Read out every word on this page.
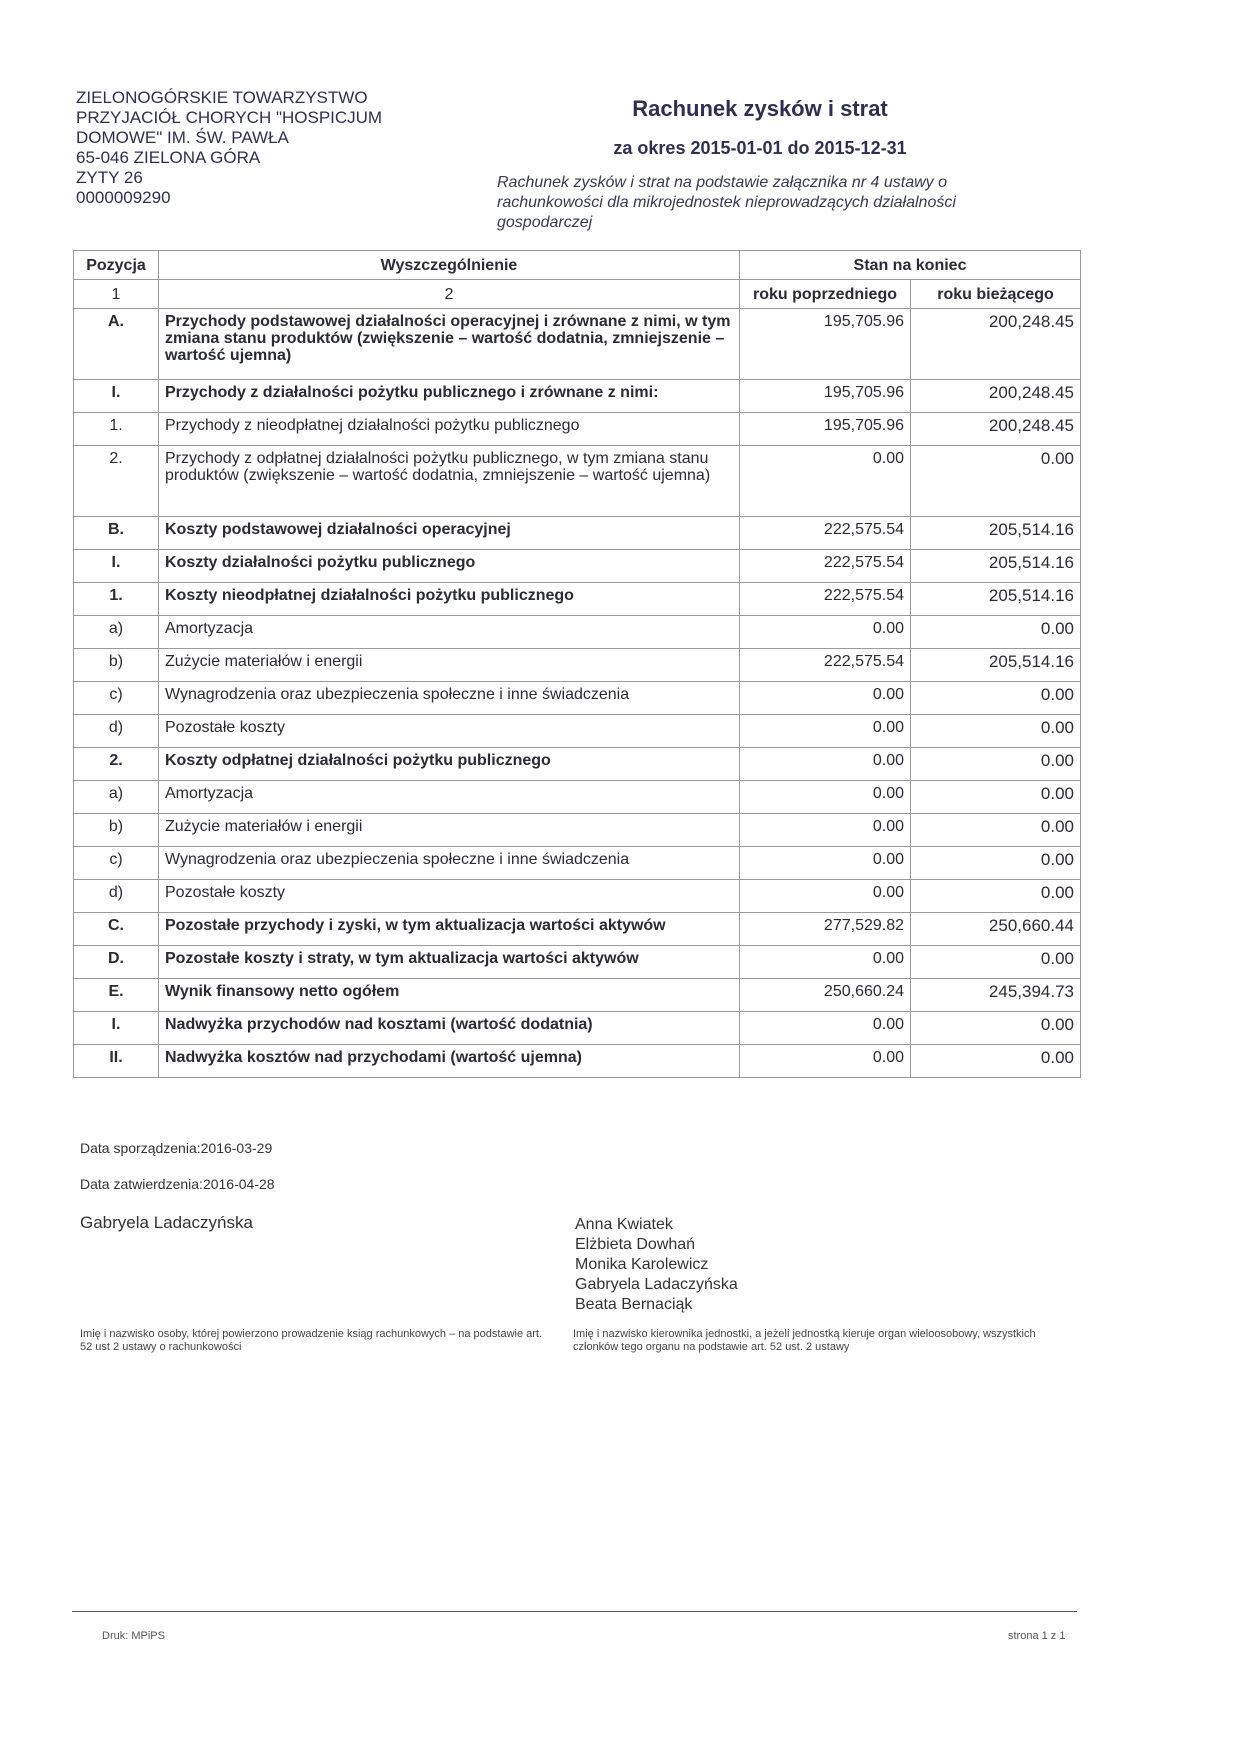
ZIELONOGÓRSKIE TOWARZYSTWO
PRZYJACIÓŁ CHORYCH "HOSPICJUM
DOMOWE" IM. ŚW. PAWŁA
65-046 ZIELONA GÓRA
ZYTY 26
0000009290
Rachunek zysków i strat
za okres 2015-01-01 do 2015-12-31
Rachunek zysków i strat na podstawie załącznika nr 4 ustawy o rachunkowości dla mikrojednostek nieprowadzących działalności gospodarczej
Pozycja	Wyszczególnienie	Stan na koniec	
1	2	roku poprzedniego	roku bieżącego
A.	Przychody podstawowej działalności operacyjnej i zrównane z nimi, w tym zmiana stanu produktów (zwiększenie – wartość dodatnia, zmniejszenie – wartość ujemna)	195,705.96	200,248.45
I.	Przychody z działalności pożytku publicznego i zrównane z nimi:	195,705.96	200,248.45
1.	Przychody z nieodpłatnej działalności pożytku publicznego	195,705.96	200,248.45
2.	Przychody z odpłatnej działalności pożytku publicznego, w tym zmiana stanu produktów (zwiększenie – wartość dodatnia, zmniejszenie – wartość ujemna)	0.00	0.00
B.	Koszty podstawowej działalności operacyjnej	222,575.54	205,514.16
I.	Koszty działalności pożytku publicznego	222,575.54	205,514.16
1.	Koszty nieodpłatnej działalności pożytku publicznego	222,575.54	205,514.16
a)	Amortyzacja	0.00	0.00
b)	Zużycie materiałów i energii	222,575.54	205,514.16
c)	Wynagrodzenia oraz ubezpieczenia społeczne i inne świadczenia	0.00	0.00
d)	Pozostałe koszty	0.00	0.00
2.	Koszty odpłatnej działalności pożytku publicznego	0.00	0.00
a)	Amortyzacja	0.00	0.00
b)	Zużycie materiałów i energii	0.00	0.00
c)	Wynagrodzenia oraz ubezpieczenia społeczne i inne świadczenia	0.00	0.00
d)	Pozostałe koszty	0.00	0.00
C.	Pozostałe przychody i zyski, w tym aktualizacja wartości aktywów	277,529.82	250,660.44
D.	Pozostałe koszty i straty, w tym aktualizacja wartości aktywów	0.00	0.00
E.	Wynik finansowy netto ogółem	250,660.24	245,394.73
I.	Nadwyżka przychodów nad kosztami (wartość dodatnia)	0.00	0.00
II.	Nadwyżka kosztów nad przychodami (wartość ujemna)	0.00	0.00
Data sporządzenia:2016-03-29
Data zatwierdzenia:2016-04-28
Gabryela Ladaczyńska	Anna Kwiatek
Elżbieta Dowhań
Monika Karolewicz
Gabryela Ladaczyńska
Beata Bernaciąk
Imię i nazwisko osoby, której powierzono prowadzenie ksiąg rachunkowych – na podstawie art. 52 ust 2 ustawy o rachunkowości
Imię i nazwisko kierownika jednostki, a jeżeli jednostką kieruje organ wieloosobowy, wszystkich członków tego organu na podstawie art. 52 ust. 2 ustawy
Druk: MPiPS	strona 1 z 1
